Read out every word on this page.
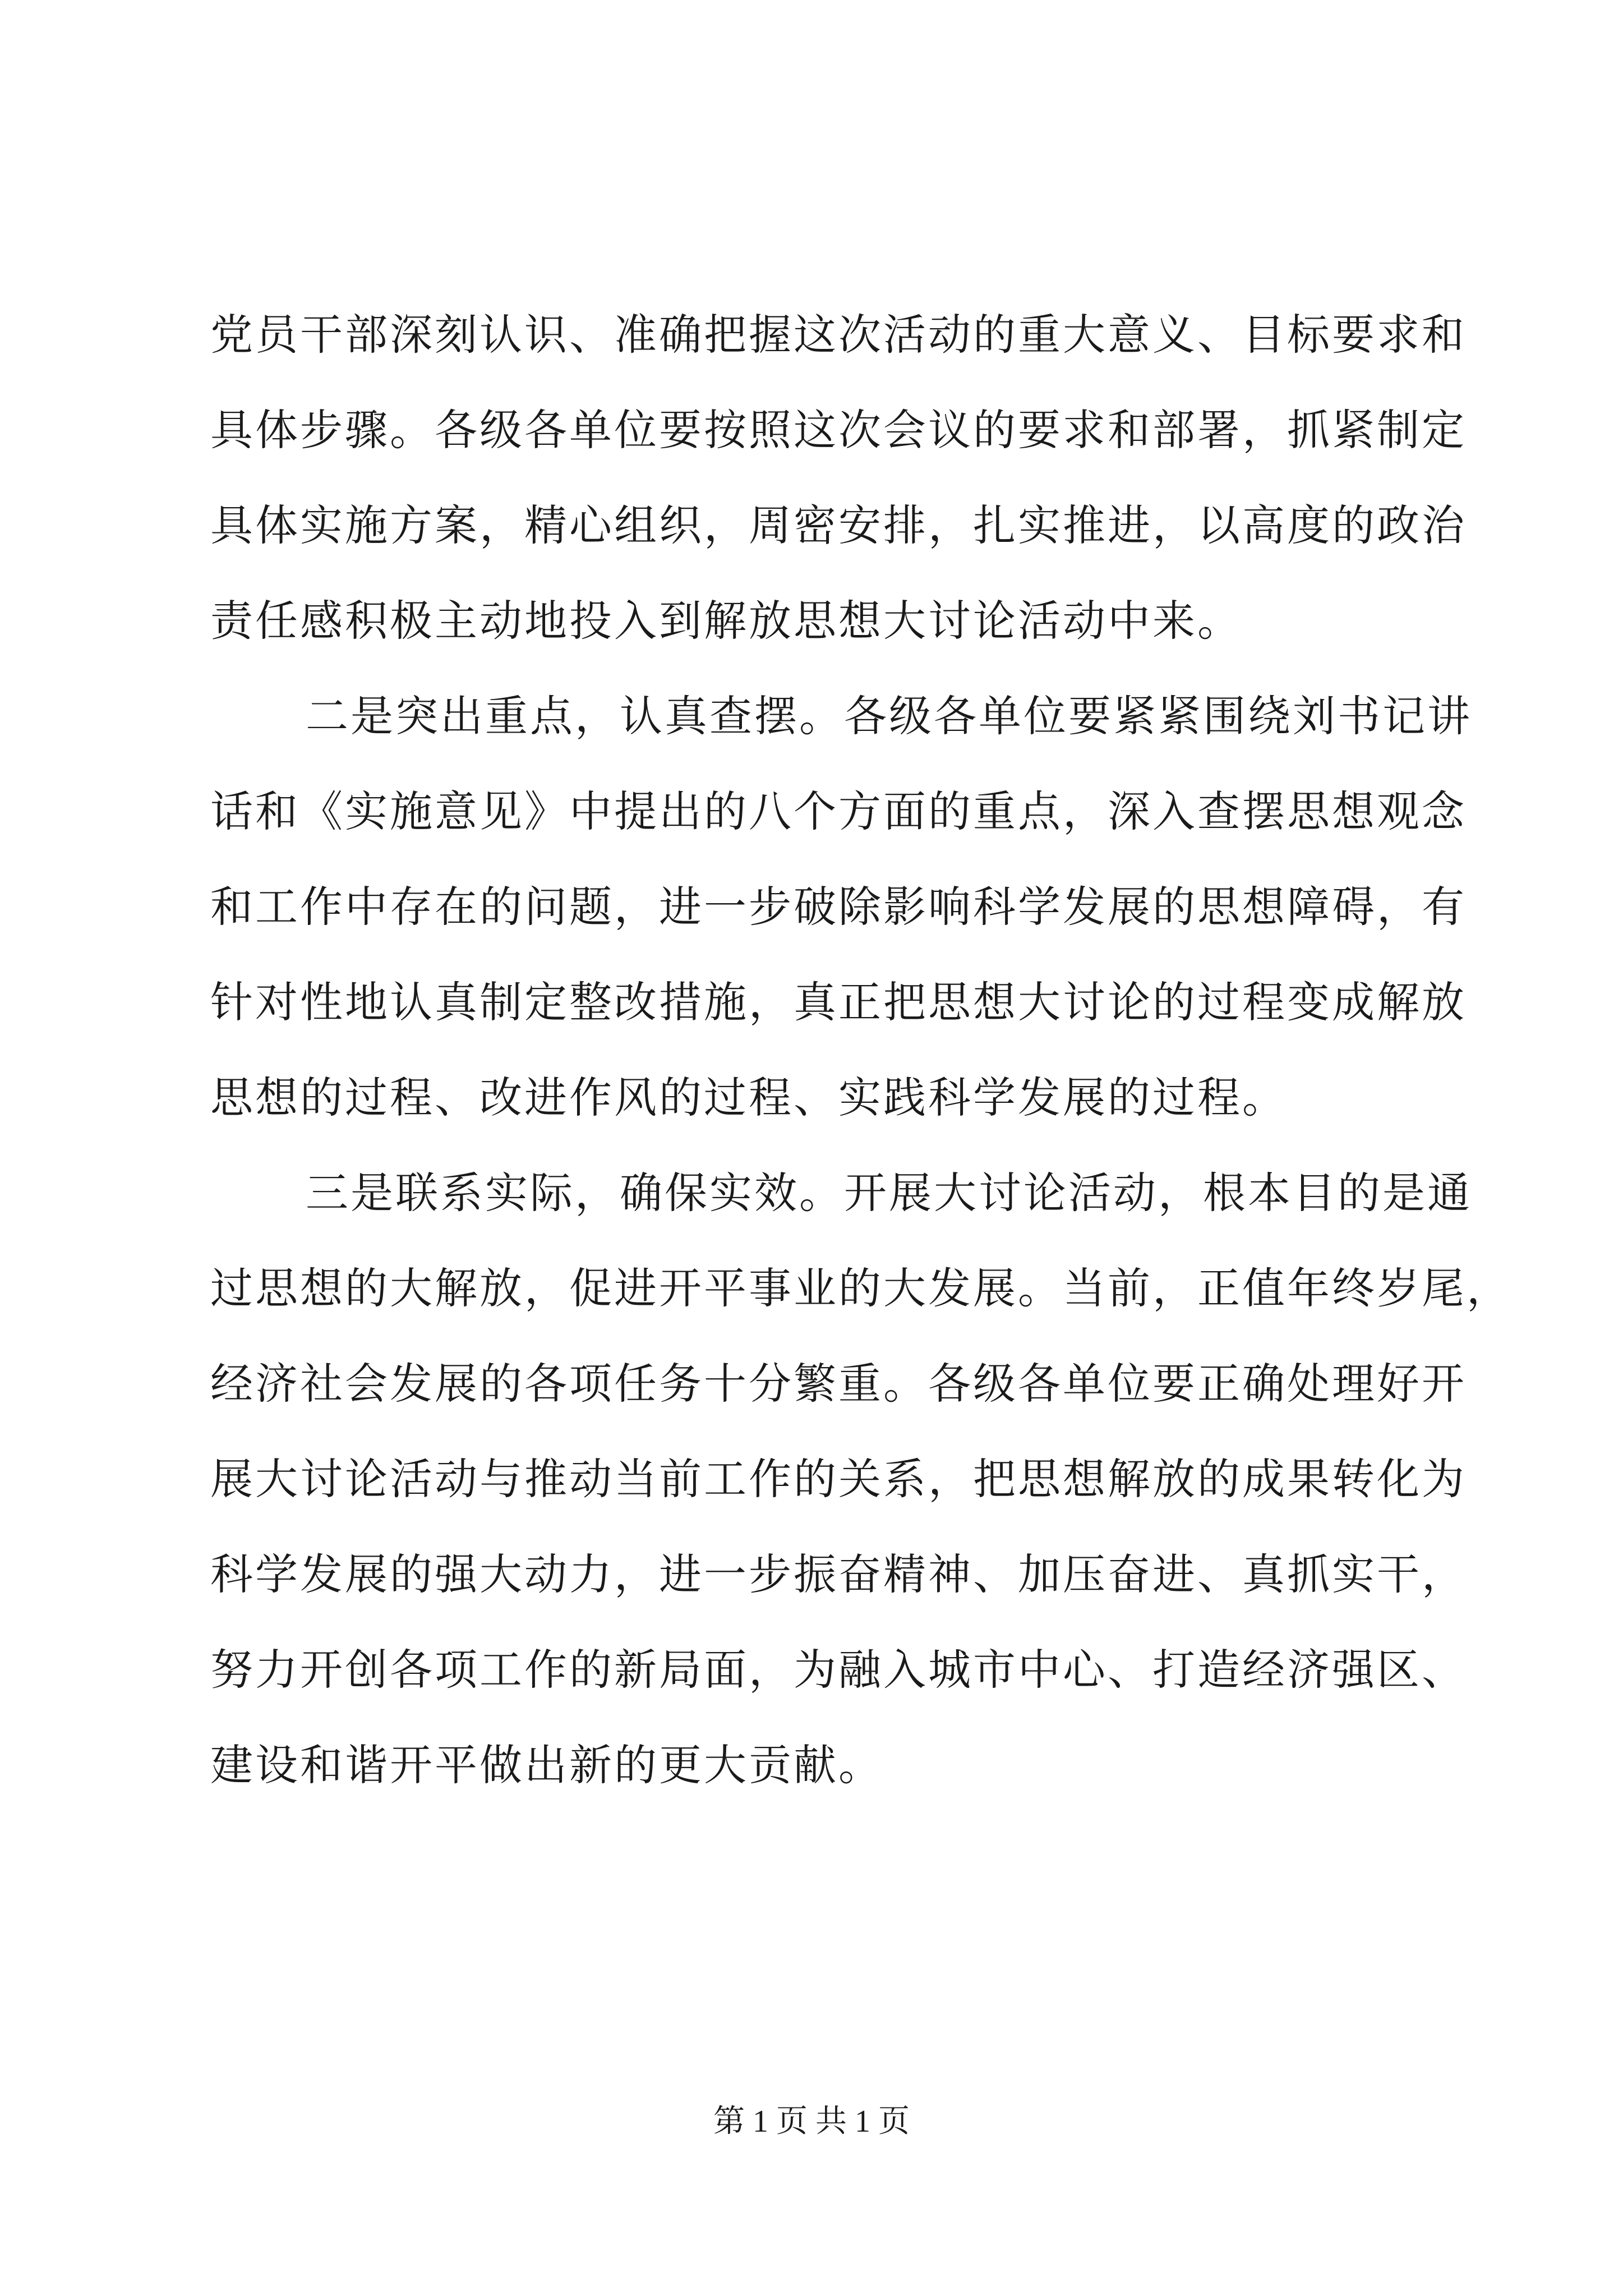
党员干部深刻认识、准确把握这次活动的重大意义、目标要求和
具体步骤。各级各单位要按照这次会议的要求和部署，抓紧制定
具体实施方案，精心组织，周密安排，扎实推进，以高度的政治
责任感积极主动地投入到解放思想大讨论活动中来。
二是突出重点，认真查摆。各级各单位要紧紧围绕刘书记讲
话和《实施意见》中提出的八个方面的重点，深入查摆思想观念
和工作中存在的问题，进一步破除影响科学发展的思想障碍，有
针对性地认真制定整改措施，真正把思想大讨论的过程变成解放
思想的过程、改进作风的过程、实践科学发展的过程。
三是联系实际，确保实效。开展大讨论活动，根本目的是通
过思想的大解放，促进开平事业的大发展。当前，正值年终岁尾，
经济社会发展的各项任务十分繁重。各级各单位要正确处理好开
展大讨论活动与推动当前工作的关系，把思想解放的成果转化为
科学发展的强大动力，进一步振奋精神、加压奋进、真抓实干，
努力开创各项工作的新局面，为融入城市中心、打造经济强区、
建设和谐开平做出新的更大贡献。
第 1 页 共 1 页
